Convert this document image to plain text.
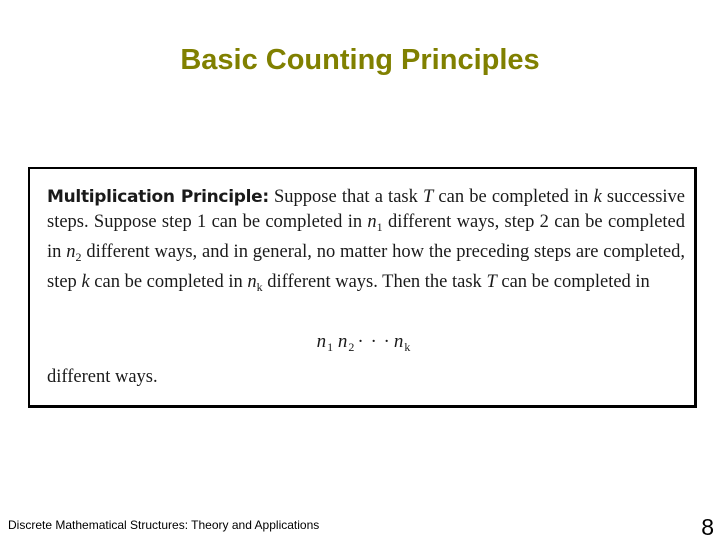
Basic Counting Principles

Multiplication Principle: Suppose that a task T can be completed in k successive steps. Suppose step 1 can be completed in $n_1$ different ways, step 2 can be completed in $n_2$ different ways, and in general, no matter how the preceding steps are completed, step k can be completed in $n_k$ different ways. Then the task T can be completed in

$n_1$ $n_2$ · · · $n_k$
different ways.
Discrete Mathematical Structures: Theory and Applications	8
